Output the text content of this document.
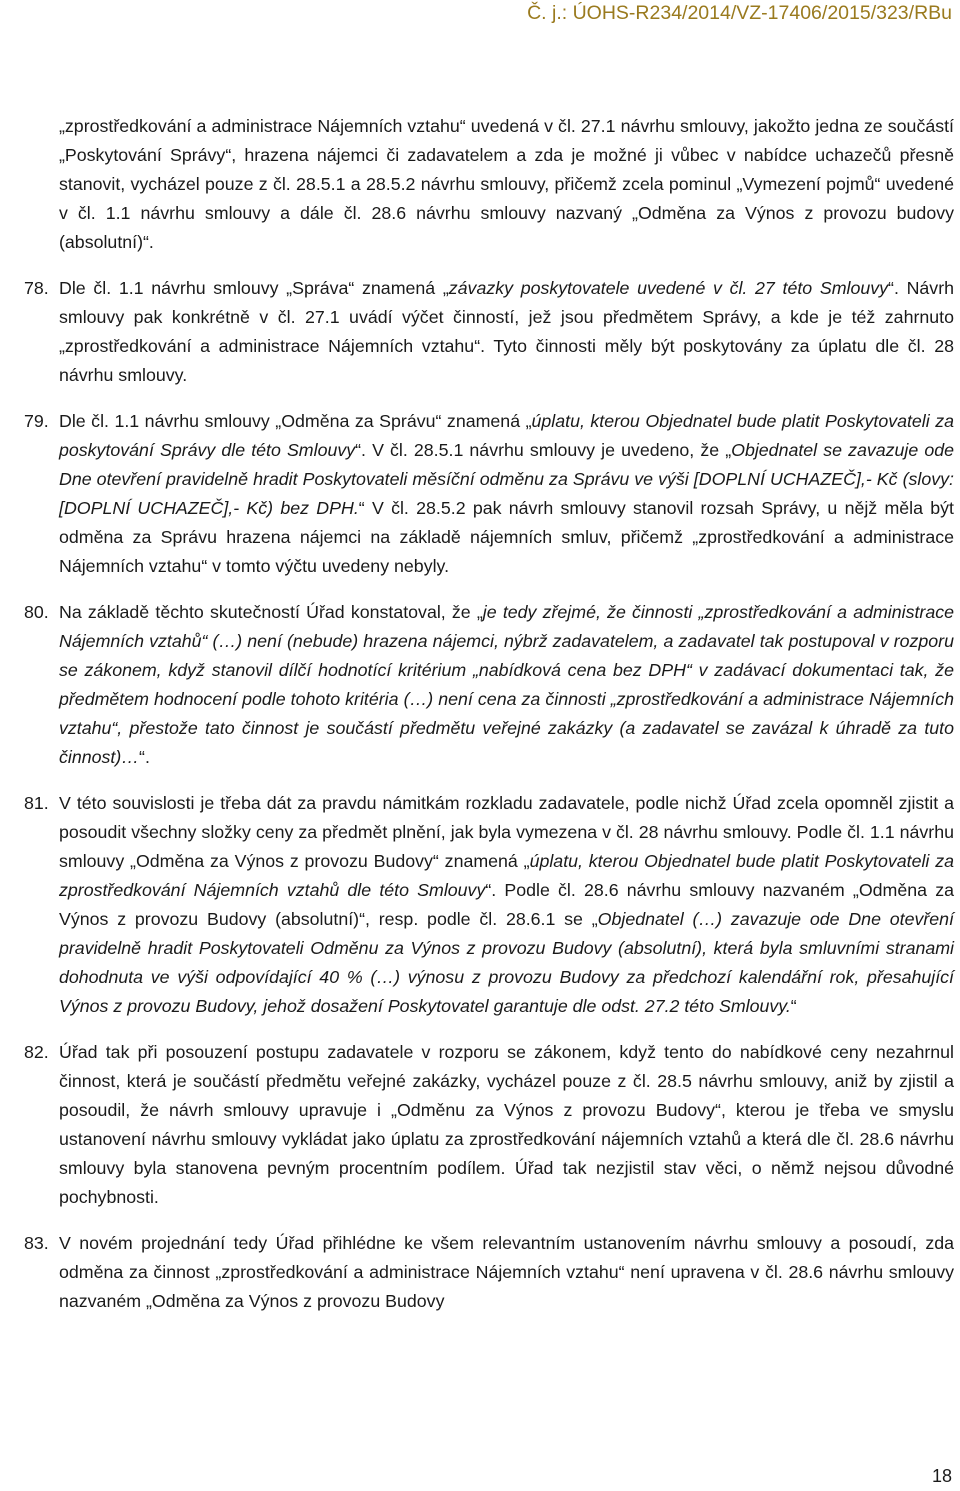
Č. j.: ÚOHS-R234/2014/VZ-17406/2015/323/RBu
„zprostředkování a administrace Nájemních vztahu“ uvedená v čl. 27.1 návrhu smlouvy, jakožto jedna ze součástí „Poskytování Správy“, hrazena nájemci či zadavatelem a zda je možné ji vůbec v nabídce uchazečů přesně stanovit, vycházel pouze z čl. 28.5.1 a 28.5.2 návrhu smlouvy, přičemž zcela pominul „Vymezení pojmů“ uvedené v čl. 1.1 návrhu smlouvy a dále čl. 28.6 návrhu smlouvy nazvaný „Odměna za Výnos z provozu budovy (absolutní)“.
78. Dle čl. 1.1 návrhu smlouvy „Správa“ znamená „závazky poskytovatele uvedené v čl. 27 této Smlouvy“. Návrh smlouvy pak konkrétně v čl. 27.1 uvádí výčet činností, jež jsou předmětem Správy, a kde je též zahrnuto „zprostředkování a administrace Nájemních vztahu“. Tyto činnosti měly být poskytovány za úplatu dle čl. 28 návrhu smlouvy.
79. Dle čl. 1.1 návrhu smlouvy „Odměna za Správu“ znamená „úplatu, kterou Objednatel bude platit Poskytovateli za poskytování Správy dle této Smlouvy“. V čl. 28.5.1 návrhu smlouvy je uvedeno, že „Objednatel se zavazuje ode Dne otevření pravidelně hradit Poskytovateli měsíční odměnu za Správu ve výši [DOPLNÍ UCHAZEČ],- Kč (slovy: [DOPLNÍ UCHAZEČ],- Kč) bez DPH.“ V čl. 28.5.2 pak návrh smlouvy stanovil rozsah Správy, u nějž měla být odměna za Správu hrazena nájemci na základě nájemních smluv, přičemž „zprostředkování a administrace Nájemních vztahu“ v tomto výčtu uvedeny nebyly.
80. Na základě těchto skutečností Úřad konstatoval, že „je tedy zřejmé, že činnosti „zprostředkování a administrace Nájemních vztahů“ (…) není (nebude) hrazena nájemci, nýbrž zadavatelem, a zadavatel tak postupoval v rozporu se zákonem, když stanovil dílčí hodnotící kritérium „nabídková cena bez DPH“ v zadávací dokumentaci tak, že předmětem hodnocení podle tohoto kritéria (…) není cena za činnosti „zprostředkování a administrace Nájemních vztahu“, přestože tato činnost je součástí předmětu veřejné zakázky (a zadavatel se zavázal k úhradě za tuto činnost)…“.
81. V této souvislosti je třeba dát za pravdu námitkám rozkladu zadavatele, podle nichž Úřad zcela opomněl zjistit a posoudit všechny složky ceny za předmět plnění, jak byla vymezena v čl. 28 návrhu smlouvy. Podle čl. 1.1 návrhu smlouvy „Odměna za Výnos z provozu Budovy“ znamená „úplatu, kterou Objednatel bude platit Poskytovateli za zprostředkování Nájemních vztahů dle této Smlouvy“. Podle čl. 28.6 návrhu smlouvy nazvaném „Odměna za Výnos z provozu Budovy (absolutní)“, resp. podle čl. 28.6.1 se „Objednatel (…) zavazuje ode Dne otevření pravidelně hradit Poskytovateli Odměnu za Výnos z provozu Budovy (absolutní), která byla smluvními stranami dohodnuta ve výši odpovídající 40 % (…) výnosu z provozu Budovy za předchozí kalendářní rok, přesahující Výnos z provozu Budovy, jehož dosažení Poskytovatel garantuje dle odst. 27.2 této Smlouvy.“
82. Úřad tak při posouzení postupu zadavatele v rozporu se zákonem, když tento do nabídkové ceny nezahrnul činnost, která je součástí předmětu veřejné zakázky, vycházel pouze z čl. 28.5 návrhu smlouvy, aniž by zjistil a posoudil, že návrh smlouvy upravuje i „Odměnu za Výnos z provozu Budovy“, kterou je třeba ve smyslu ustanovení návrhu smlouvy vykládat jako úplatu za zprostředkování nájemních vztahů a která dle čl. 28.6 návrhu smlouvy byla stanovena pevným procentním podílem. Úřad tak nezjistil stav věci, o němž nejsou důvodné pochybnosti.
83. V novém projednání tedy Úřad přihlédne ke všem relevantním ustanovením návrhu smlouvy a posoudí, zda odměna za činnost „zprostředkování a administrace Nájemních vztahu“ není upravena v čl. 28.6 návrhu smlouvy nazvaném „Odměna za Výnos z provozu Budovy
18
